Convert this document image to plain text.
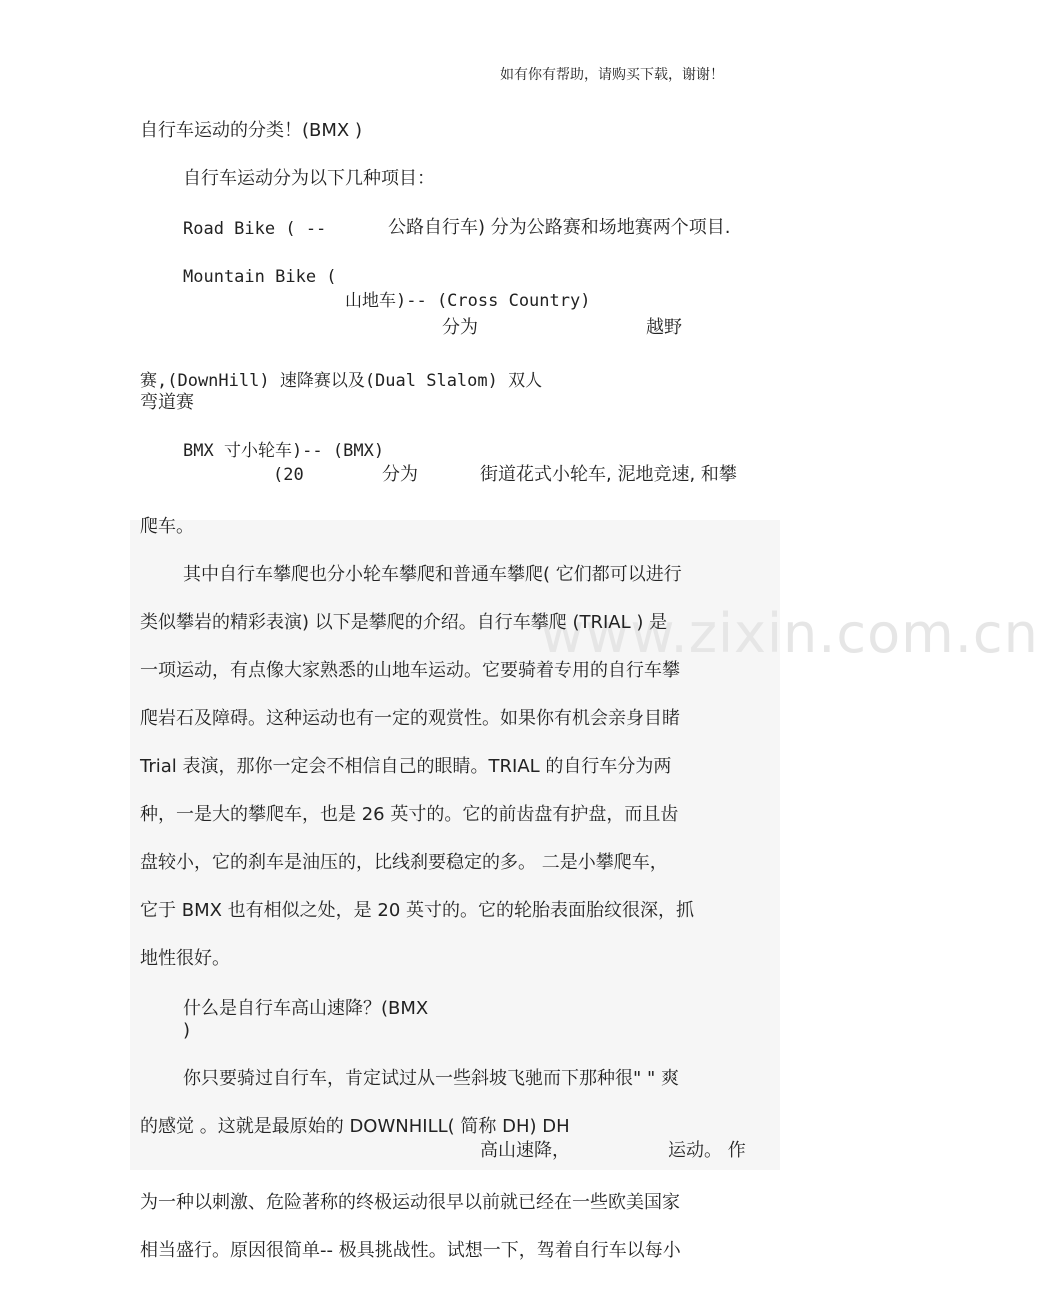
www.zixin.com.cn
如有你有帮助，请购买下载，谢谢！
自行车运动的分类！(BMX )
自行车运动分为以下几种项目：
Road Bike ( --	公路自行车) 分为公路赛和场地赛两个项目.
Mountain Bike (
山地车)-- (Cross Country)
分为	越野
赛,(DownHill) 速降赛以及(Dual Slalom) 双人
弯道赛
BMX 寸小轮车)-- (BMX)
(20	分为	街道花式小轮车, 泥地竞速, 和攀
爬车。
其中自行车攀爬也分小轮车攀爬和普通车攀爬( 它们都可以进行
类似攀岩的精彩表演) 以下是攀爬的介绍。自行车攀爬 (TRIAL ) 是
一项运动，有点像大家熟悉的山地车运动。它要骑着专用的自行车攀
爬岩石及障碍。这种运动也有一定的观赏性。如果你有机会亲身目睹
Trial 表演，那你一定会不相信自己的眼睛。TRIAL 的自行车分为两
种，一是大的攀爬车，也是 26 英寸的。它的前齿盘有护盘，而且齿
盘较小，它的刹车是油压的，比线刹要稳定的多。 二是小攀爬车，
它于 BMX 也有相似之处，是 20 英寸的。它的轮胎表面胎纹很深，抓
地性很好。
什么是自行车高山速降？(BMX
)
你只要骑过自行车，肯定试过从一些斜坡飞驰而下那种很" " 爽
的感觉 。这就是最原始的 DOWNHILL( 简称 DH) DH
高山速降，	运动。 作
为一种以刺激、危险著称的终极运动很早以前就已经在一些欧美国家
相当盛行。原因很简单-- 极具挑战性。试想一下，驾着自行车以每小
